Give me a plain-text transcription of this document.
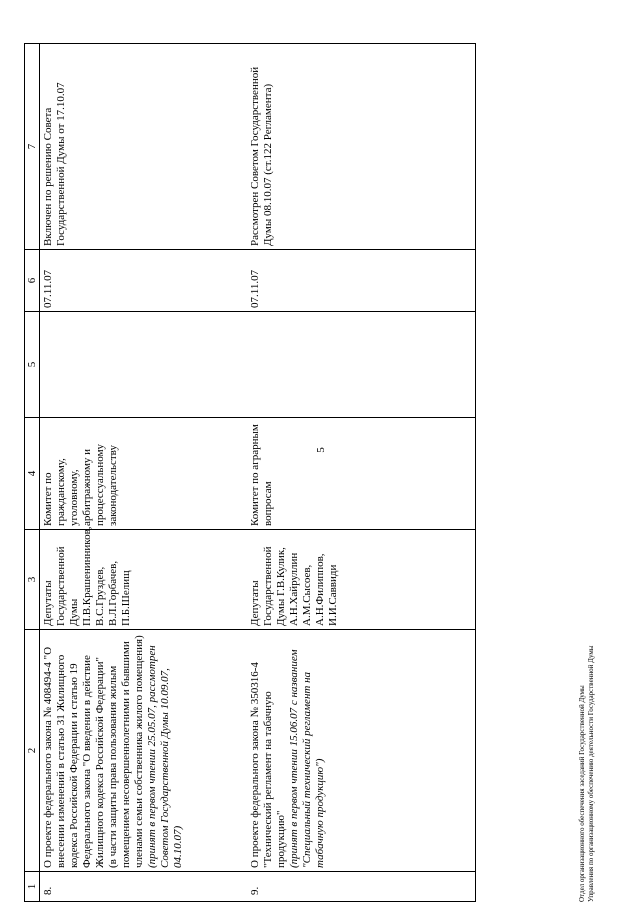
5
1	2	3	4	5	6	7
8.	О проекте федерального закона № 408494-4 "О внесении изменений в статью 31 Жилищного кодекса Российской Федерации и статью 19 Федерального закона "О введении в действие Жилищного кодекса Российской Федерации" (в части защиты права пользования жилым помещением несовершеннолетними и бывшими членами семьи собственника жилого помещения) (принят в первом чтении 25.05.07, рассмотрен Советом Государственной Думы 10.09.07, 04.10.07)	Депутаты Государственной Думы П.В.Крашенинников, В.С.Груздев, В.Л.Горбачев, П.Б.Шелищ	Комитет по гражданскому, уголовному, арбитражному и процессуальному законодательству		07.11.07	Включен по решению Совета Государственной Думы от 17.10.07
9.	О проекте федерального закона № 350316-4 "Технический регламент на табачную продукцию" (принят в первом чтении 15.06.07 с названием "Специальный технический регламент на табачную продукцию")	Депутаты Государственной Думы Г.В.Кулик, А.Н.Хайруллин А.М.Сысоев, А.Н.Филиппов, И.И.Саввиди	Комитет по аграрным вопросам		07.11.07	Рассмотрен Советом Государственной Думы 08.10.07 (ст.122 Регламента)
Отдел организационного обеспечения заседаний Государственной Думы Управления по организационному обеспечению деятельности Государственной Думы
